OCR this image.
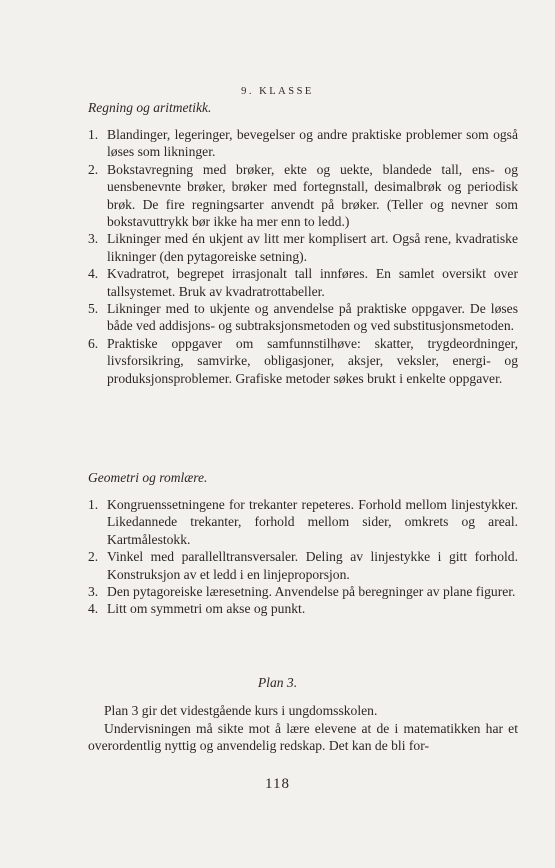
9. KLASSE
Regning og aritmetikk.
1. Blandinger, legeringer, bevegelser og andre praktiske problemer som også løses som likninger.
2. Bokstavregning med brøker, ekte og uekte, blandede tall, ens- og uensbenevnte brøker, brøker med fortegnstall, desimalbrøk og periodisk brøk. De fire regningsarter anvendt på brøker. (Teller og nevner som bokstavuttrykk bør ikke ha mer enn to ledd.)
3. Likninger med én ukjent av litt mer komplisert art. Også rene, kvadratiske likninger (den pytagoreiske setning).
4. Kvadratrot, begrepet irrasjonalt tall innføres. En samlet oversikt over tallsystemet. Bruk av kvadratrottabeller.
5. Likninger med to ukjente og anvendelse på praktiske oppgaver. De løses både ved addisjons- og subtraksjonsmetoden og ved substitusjonsmetoden.
6. Praktiske oppgaver om samfunnstilhøve: skatter, trygdeordninger, livsforsikring, samvirke, obligasjoner, aksjer, veksler, energi- og produksjonsproblemer. Grafiske metoder søkes brukt i enkelte oppgaver.
Geometri og romlære.
1. Kongruenssetningene for trekanter repeteres. Forhold mellom linjestykker. Likedannede trekanter, forhold mellom sider, omkrets og areal. Kartmålestokk.
2. Vinkel med parallelltransversaler. Deling av linjestykke i gitt forhold. Konstruksjon av et ledd i en linjeproporsjon.
3. Den pytagoreiske læresetning. Anvendelse på beregninger av plane figurer.
4. Litt om symmetri om akse og punkt.
Plan 3.

Plan 3 gir det videstgående kurs i ungdomsskolen.

Undervisningen må sikte mot å lære elevene at de i matematikken har et overordentlig nyttig og anvendelig redskap. Det kan de bli for-

118
